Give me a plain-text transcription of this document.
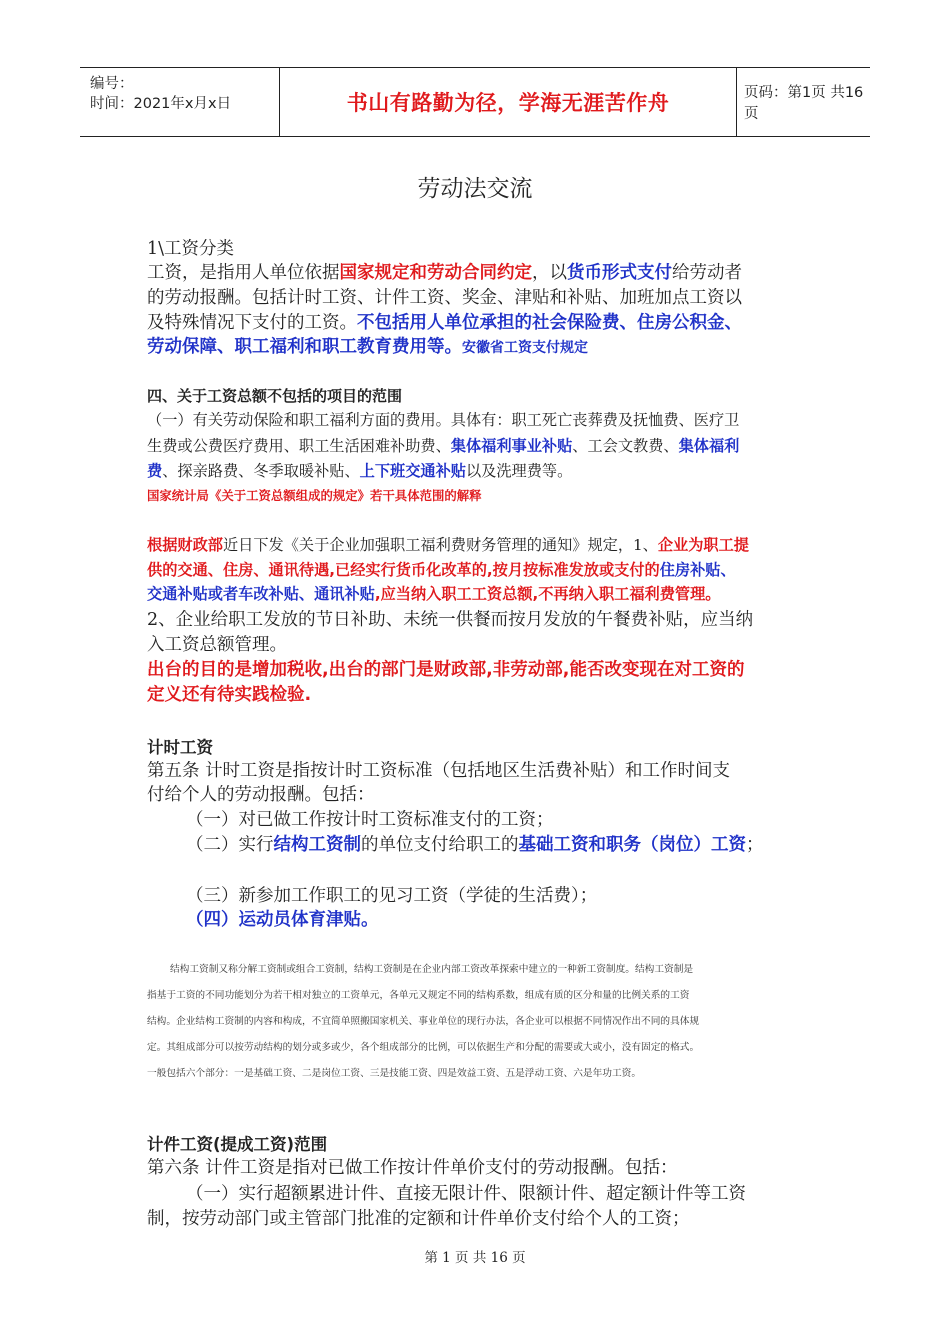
编号：
时间：2021年x月x日	书山有路勤为径，学海无涯苦作舟	页码：第1页 共16页
劳动法交流
1\工资分类
工资，是指用人单位依据国家规定和劳动合同约定，以货币形式支付给劳动者
的劳动报酬。包括计时工资、计件工资、奖金、津贴和补贴、加班加点工资以
及特殊情况下支付的工资。不包括用人单位承担的社会保险费、住房公积金、
劳动保障、职工福利和职工教育费用等。安徽省工资支付规定
四、关于工资总额不包括的项目的范围
（一）有关劳动保险和职工福利方面的费用。具体有：职工死亡丧葬费及抚恤费、医疗卫
生费或公费医疗费用、职工生活困难补助费、集体福利事业补贴、工会文教费、集体福利
费、探亲路费、冬季取暖补贴、上下班交通补贴以及洗理费等。
国家统计局《关于工资总额组成的规定》若干具体范围的解释
根据财政部近日下发《关于企业加强职工福利费财务管理的通知》规定，1、企业为职工提
供的交通、住房、通讯待遇,已经实行货币化改革的,按月按标准发放或支付的住房补贴、
交通补贴或者车改补贴、通讯补贴,应当纳入职工工资总额,不再纳入职工福利费管理。
2、企业给职工发放的节日补助、未统一供餐而按月发放的午餐费补贴，应当纳
入工资总额管理。
出台的目的是增加税收,出台的部门是财政部,非劳动部,能否改变现在对工资的
定义还有待实践检验.
计时工资
第五条 计时工资是指按计时工资标准（包括地区生活费补贴）和工作时间支
付给个人的劳动报酬。包括：
（一）对已做工作按计时工资标准支付的工资；
（二）实行结构工资制的单位支付给职工的基础工资和职务（岗位）工资；
（三）新参加工作职工的见习工资（学徒的生活费）；
（四）运动员体育津贴。
结构工资制又称分解工资制或组合工资制，结构工资制是在企业内部工资改革探索中建立的一种新工资制度。结构工资制是
指基于工资的不同功能划分为若干相对独立的工资单元，各单元又规定不同的结构系数，组成有质的区分和量的比例关系的工资
结构。企业结构工资制的内容和构成，不宜简单照搬国家机关、事业单位的现行办法，各企业可以根据不同情况作出不同的具体规
定。其组成部分可以按劳动结构的划分或多或少，各个组成部分的比例，可以依据生产和分配的需要或大或小，没有固定的格式。
一般包括六个部分：一是基础工资、二是岗位工资、三是技能工资、四是效益工资、五是浮动工资、六是年功工资。
计件工资(提成工资)范围
第六条 计件工资是指对已做工作按计件单价支付的劳动报酬。包括：
（一）实行超额累进计件、直接无限计件、限额计件、超定额计件等工资
制，按劳动部门或主管部门批准的定额和计件单价支付给个人的工资；
第 1 页 共 16 页
